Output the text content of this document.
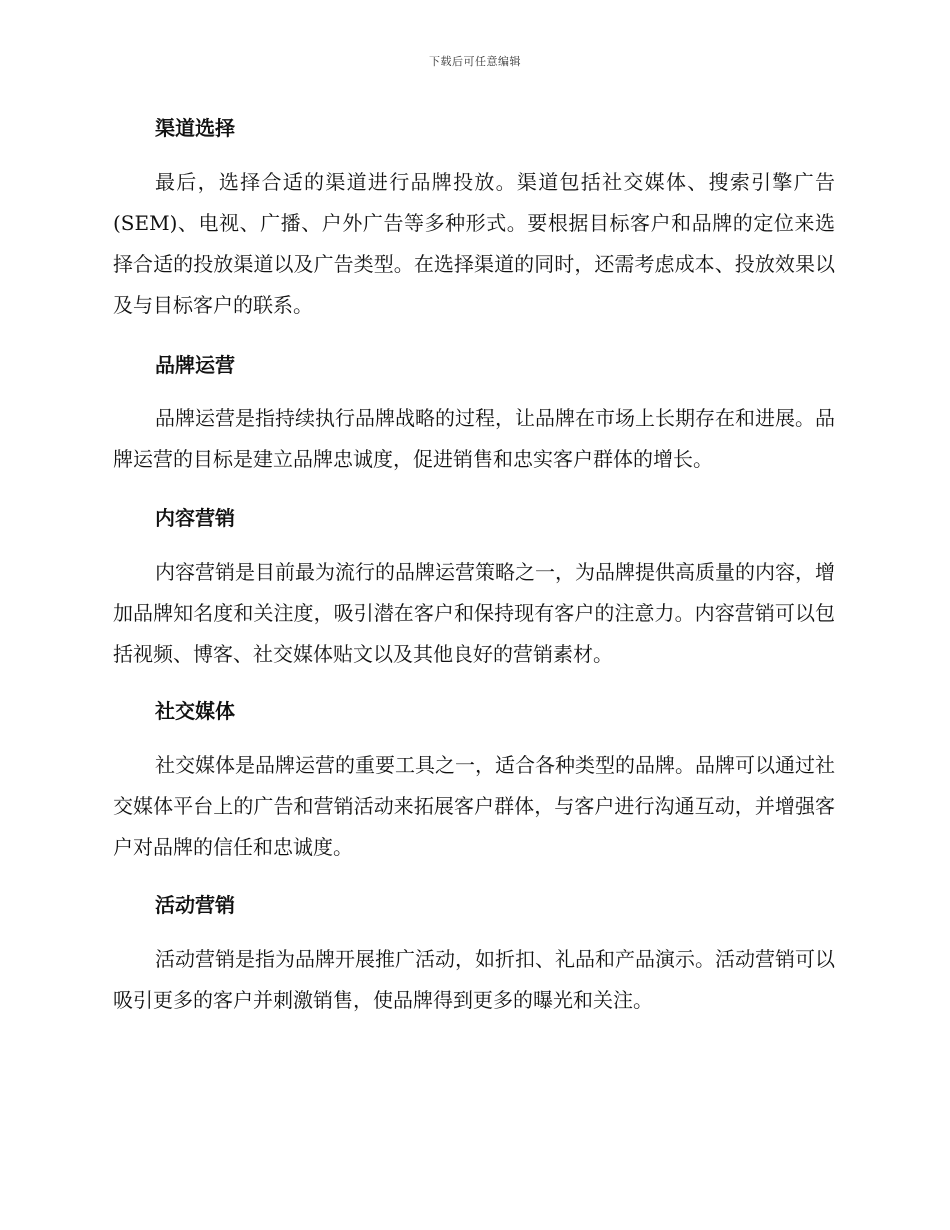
下载后可任意编辑
渠道选择

最后，选择合适的渠道进行品牌投放。渠道包括社交媒体、搜索引擎广告(SEM)、电视、广播、户外广告等多种形式。要根据目标客户和品牌的定位来选择合适的投放渠道以及广告类型。在选择渠道的同时，还需考虑成本、投放效果以及与目标客户的联系。

品牌运营

品牌运营是指持续执行品牌战略的过程，让品牌在市场上长期存在和进展。品牌运营的目标是建立品牌忠诚度，促进销售和忠实客户群体的增长。

内容营销

内容营销是目前最为流行的品牌运营策略之一，为品牌提供高质量的内容，增加品牌知名度和关注度，吸引潜在客户和保持现有客户的注意力。内容营销可以包括视频、博客、社交媒体贴文以及其他良好的营销素材。

社交媒体

社交媒体是品牌运营的重要工具之一，适合各种类型的品牌。品牌可以通过社交媒体平台上的广告和营销活动来拓展客户群体，与客户进行沟通互动，并增强客户对品牌的信任和忠诚度。

活动营销

活动营销是指为品牌开展推广活动，如折扣、礼品和产品演示。活动营销可以吸引更多的客户并刺激销售，使品牌得到更多的曝光和关注。
